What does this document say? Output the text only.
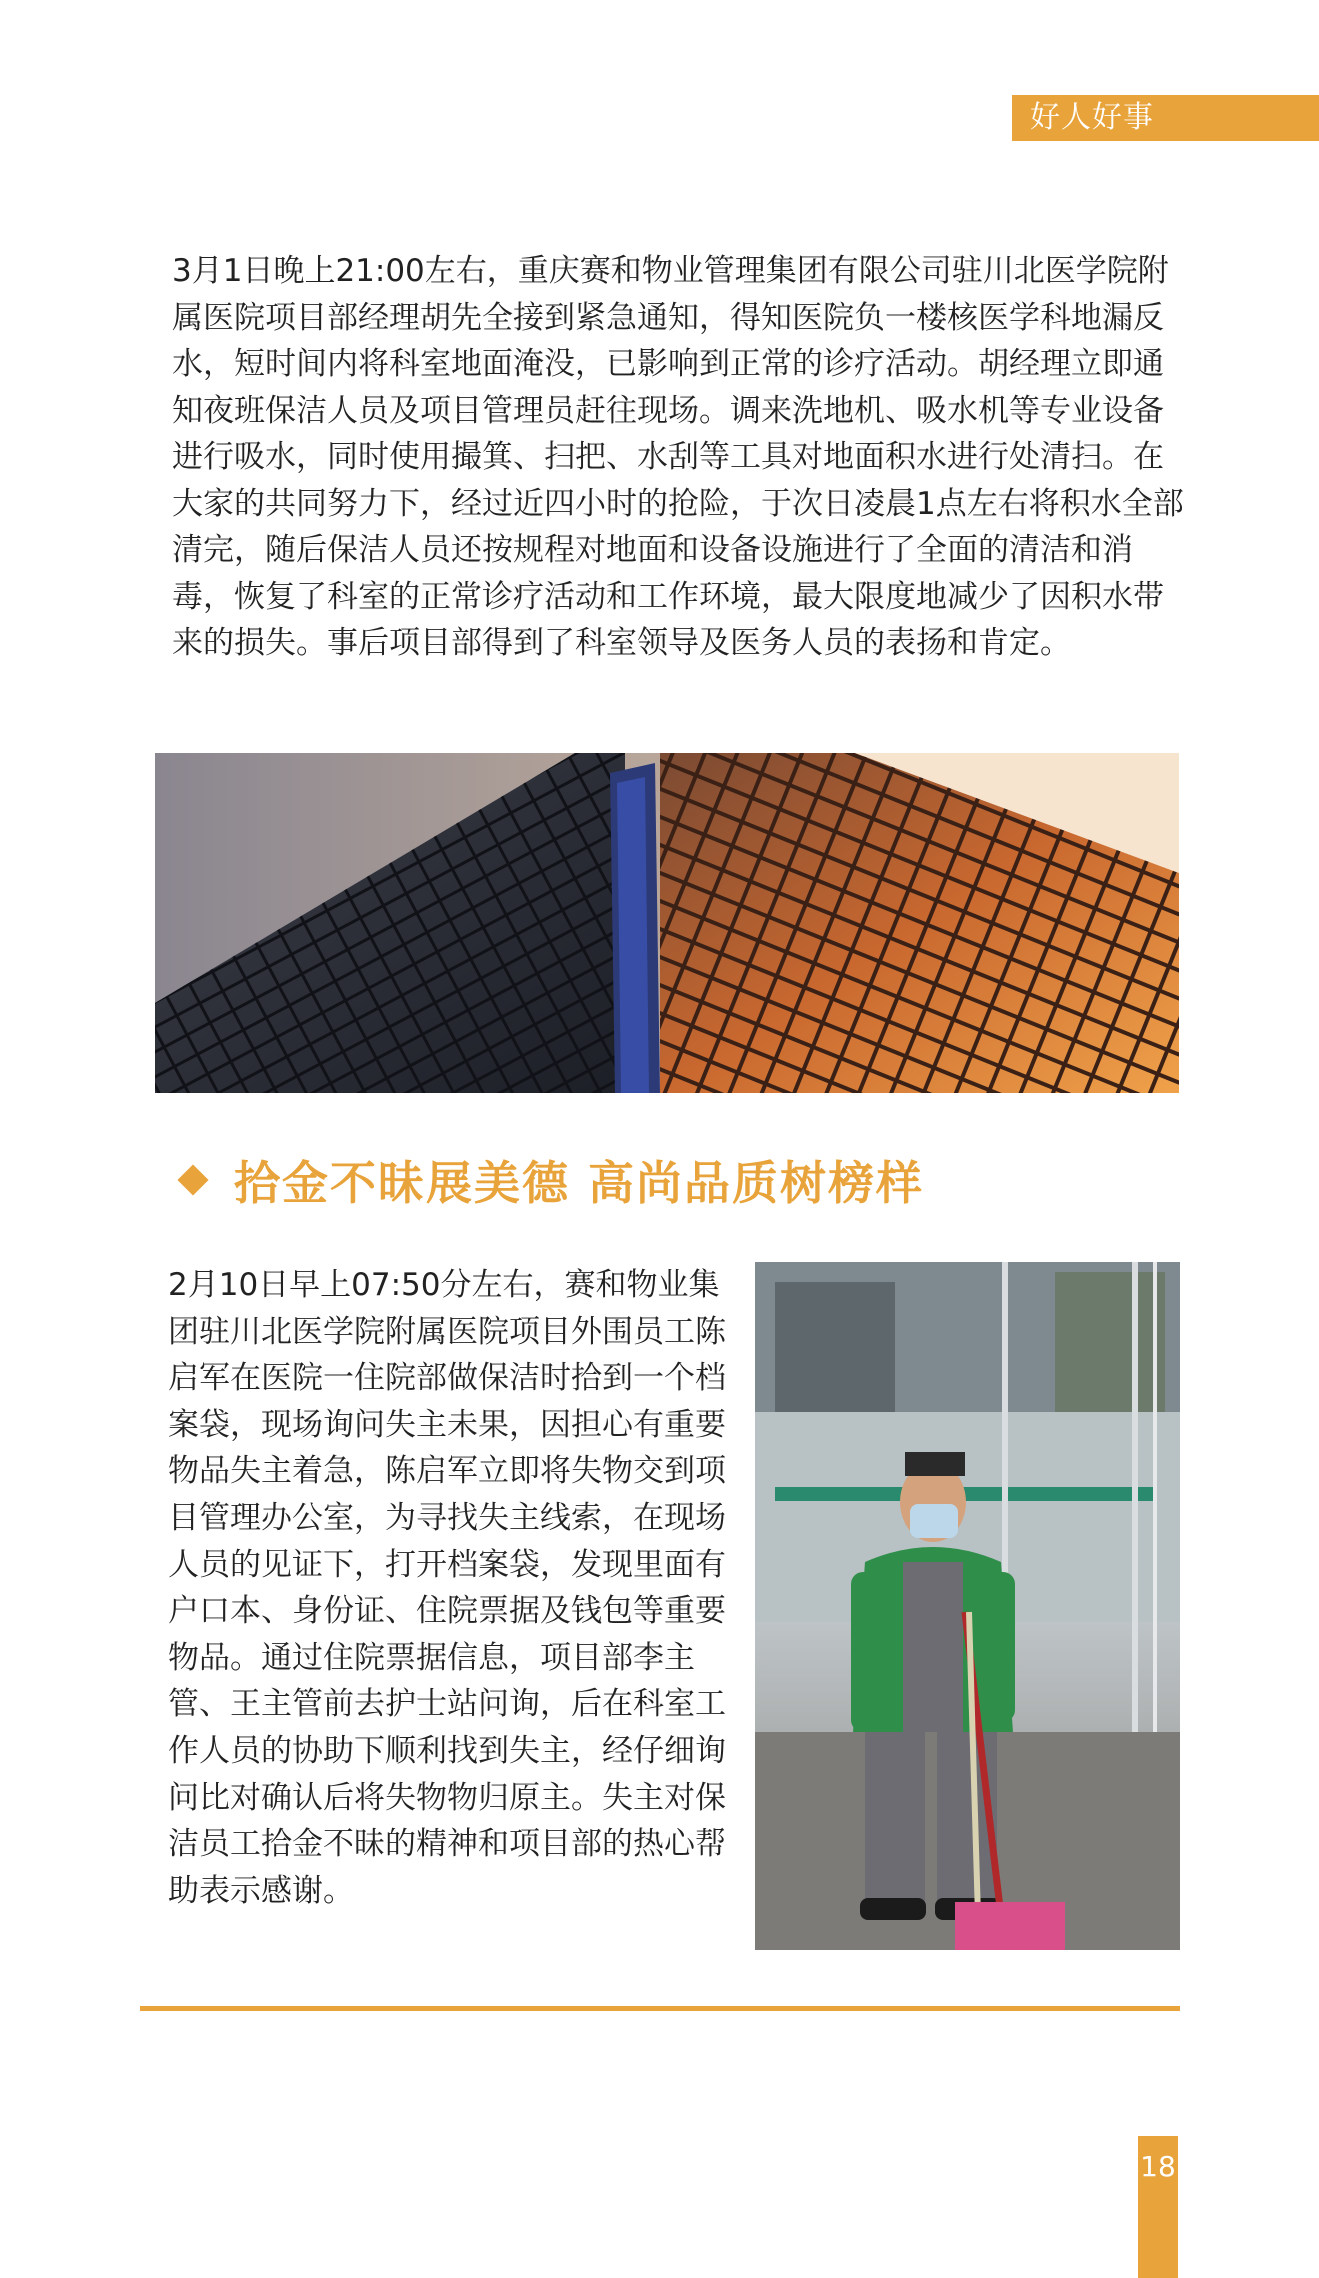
好人好事

3月1日晚上21:00左右，重庆赛和物业管理集团有限公司驻川北医学院附属医院项目部经理胡先全接到紧急通知，得知医院负一楼核医学科地漏反水，短时间内将科室地面淹没，已影响到正常的诊疗活动。胡经理立即通知夜班保洁人员及项目管理员赶往现场。调来洗地机、吸水机等专业设备进行吸水，同时使用撮箕、扫把、水刮等工具对地面积水进行处清扫。在大家的共同努力下，经过近四小时的抢险，于次日凌晨1点左右将积水全部清完，随后保洁人员还按规程对地面和设备设施进行了全面的清洁和消毒，恢复了科室的正常诊疗活动和工作环境，最大限度地减少了因积水带来的损失。事后项目部得到了科室领导及医务人员的表扬和肯定。

拾金不昧展美德 高尚品质树榜样

2月10日早上07:50分左右，赛和物业集团驻川北医学院附属医院项目外围员工陈启军在医院一住院部做保洁时拾到一个档案袋，现场询问失主未果，因担心有重要物品失主着急，陈启军立即将失物交到项目管理办公室，为寻找失主线索，在现场人员的见证下，打开档案袋，发现里面有户口本、身份证、住院票据及钱包等重要物品。通过住院票据信息，项目部李主管、王主管前去护士站问询，后在科室工作人员的协助下顺利找到失主，经仔细询问比对确认后将失物物归原主。失主对保洁员工拾金不昧的精神和项目部的热心帮助表示感谢。

18
